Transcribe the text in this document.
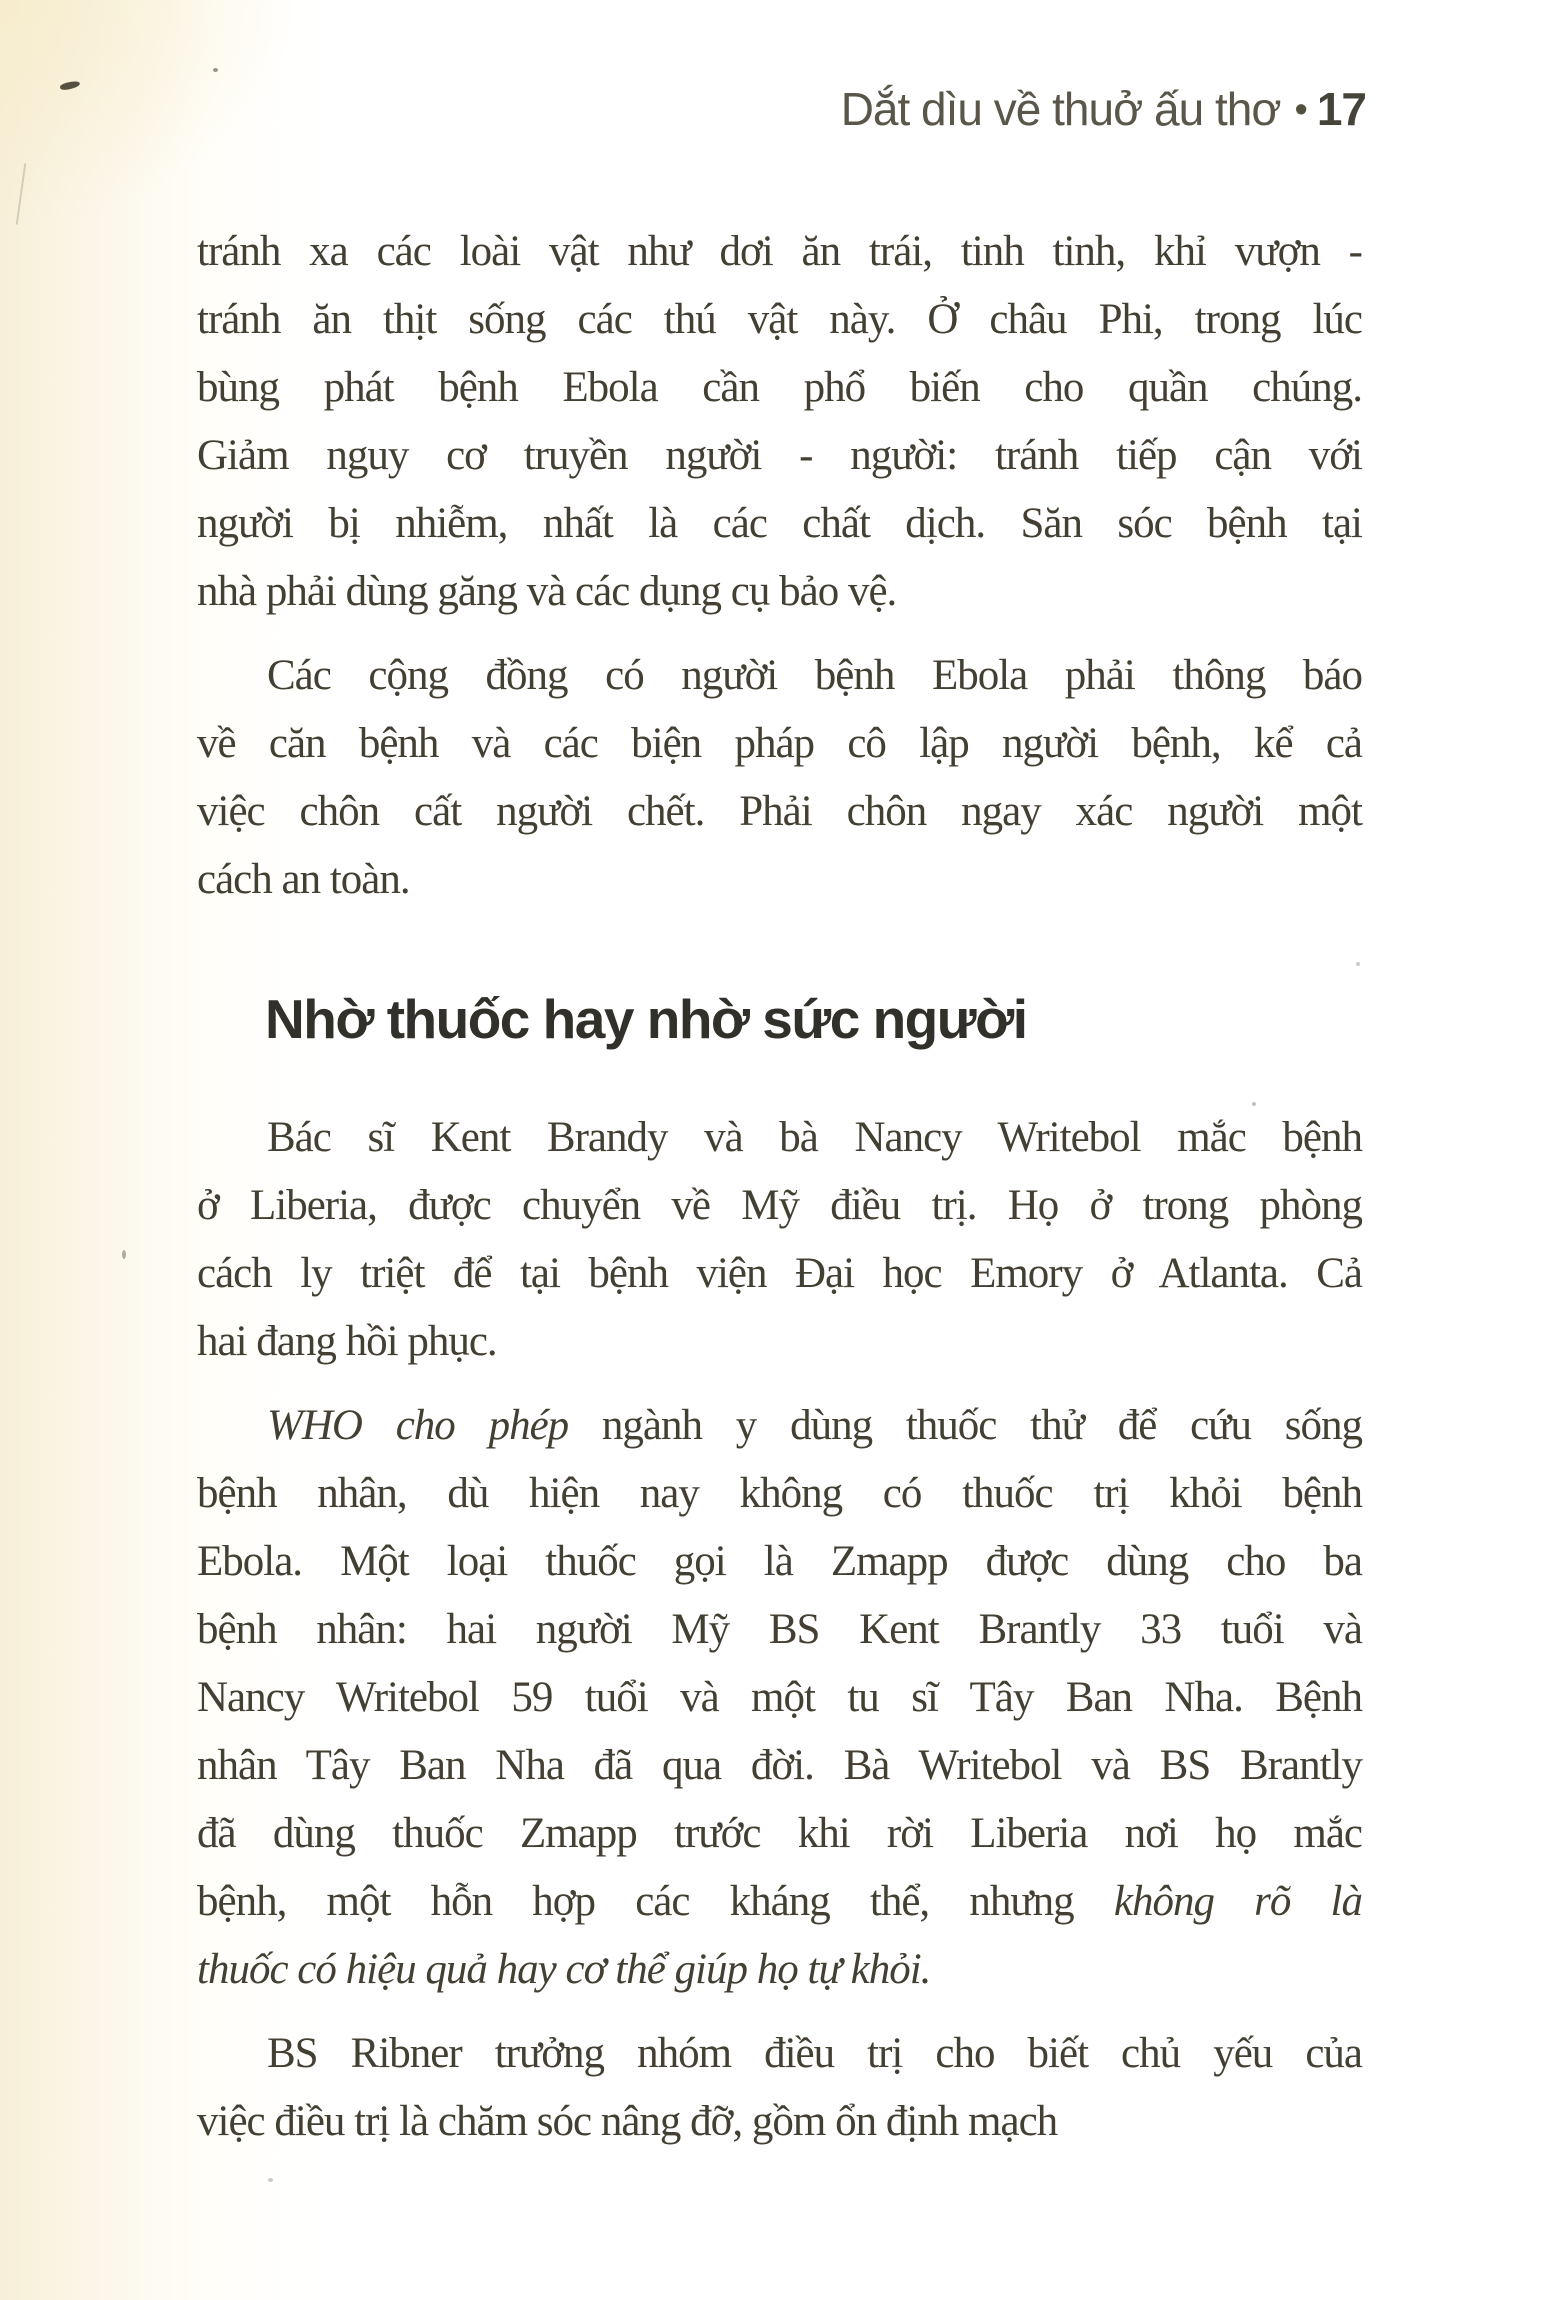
Dắt dìu về thuở ấu thơ • 17
tránh xa các loài vật như dơi ăn trái, tinh tinh, khỉ vượn -
tránh ăn thịt sống các thú vật này. Ở châu Phi, trong lúc
bùng phát bệnh Ebola cần phổ biến cho quần chúng.
Giảm nguy cơ truyền người - người: tránh tiếp cận với
người bị nhiễm, nhất là các chất dịch. Săn sóc bệnh tại
nhà phải dùng găng và các dụng cụ bảo vệ.
Các cộng đồng có người bệnh Ebola phải thông báo
về căn bệnh và các biện pháp cô lập người bệnh, kể cả
việc chôn cất người chết. Phải chôn ngay xác người một
cách an toàn.
Nhờ thuốc hay nhờ sức người
Bác sĩ Kent Brandy và bà Nancy Writebol mắc bệnh
ở Liberia, được chuyển về Mỹ điều trị. Họ ở trong phòng
cách ly triệt để tại bệnh viện Đại học Emory ở Atlanta. Cả
hai đang hồi phục.
WHO cho phép ngành y dùng thuốc thử để cứu sống
bệnh nhân, dù hiện nay không có thuốc trị khỏi bệnh
Ebola. Một loại thuốc gọi là Zmapp được dùng cho ba
bệnh nhân: hai người Mỹ BS Kent Brantly 33 tuổi và
Nancy Writebol 59 tuổi và một tu sĩ Tây Ban Nha. Bệnh
nhân Tây Ban Nha đã qua đời. Bà Writebol và BS Brantly
đã dùng thuốc Zmapp trước khi rời Liberia nơi họ mắc
bệnh, một hỗn hợp các kháng thể, nhưng không rõ là
thuốc có hiệu quả hay cơ thể giúp họ tự khỏi.
BS Ribner trưởng nhóm điều trị cho biết chủ yếu của
việc điều trị là chăm sóc nâng đỡ, gồm ổn định mạch
